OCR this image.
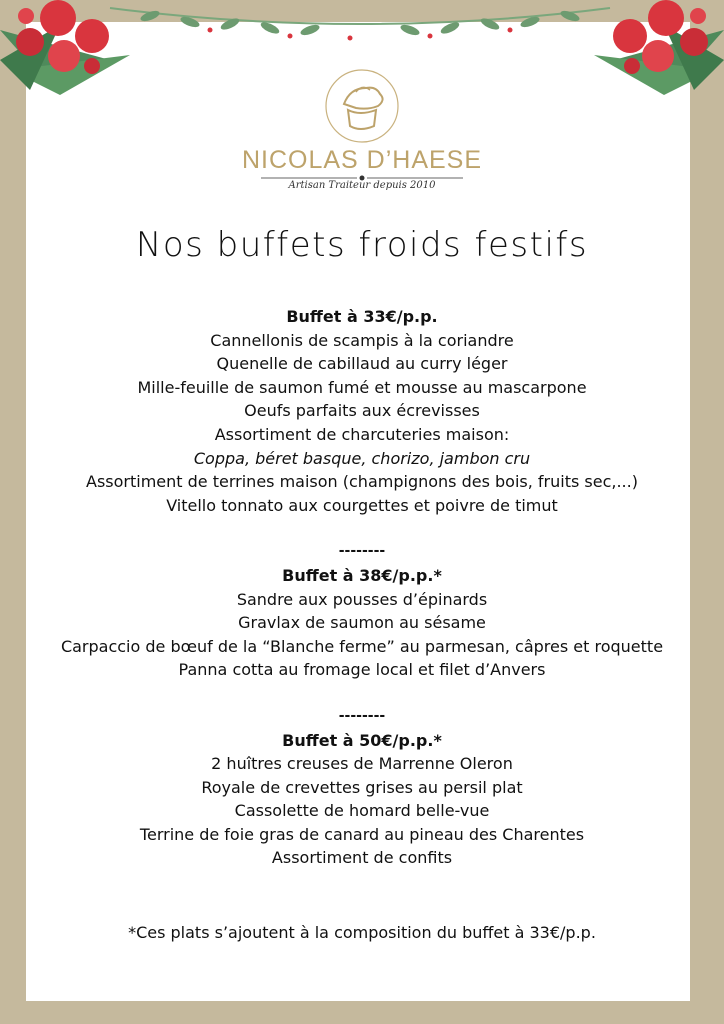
NICOLAS D’HAESE
Artisan Traiteur depuis 2010
Nos buffets froids festifs
Buffet à 33€/p.p.
Cannellonis de scampis à la coriandre
Quenelle de cabillaud au curry léger
Mille-feuille de saumon fumé et mousse au mascarpone
Oeufs parfaits aux écrevisses
Assortiment de charcuteries maison:
Coppa, béret basque, chorizo, jambon cru
Assortiment de terrines maison (champignons des bois, fruits sec,...)
Vitello tonnato aux courgettes et poivre de timut
--------
Buffet à 38€/p.p.*
Sandre aux pousses d’épinards
Gravlax de saumon au sésame
Carpaccio de bœuf de la “Blanche ferme” au parmesan, câpres et roquette
Panna cotta au fromage local et filet d’Anvers
--------
Buffet à 50€/p.p.*
2 huîtres creuses de Marrenne Oleron
Royale de crevettes grises au persil plat
Cassolette de homard belle-vue
Terrine de foie gras de canard au pineau des Charentes
Assortiment de confits
*Ces plats s’ajoutent à la composition du buffet à 33€/p.p.
